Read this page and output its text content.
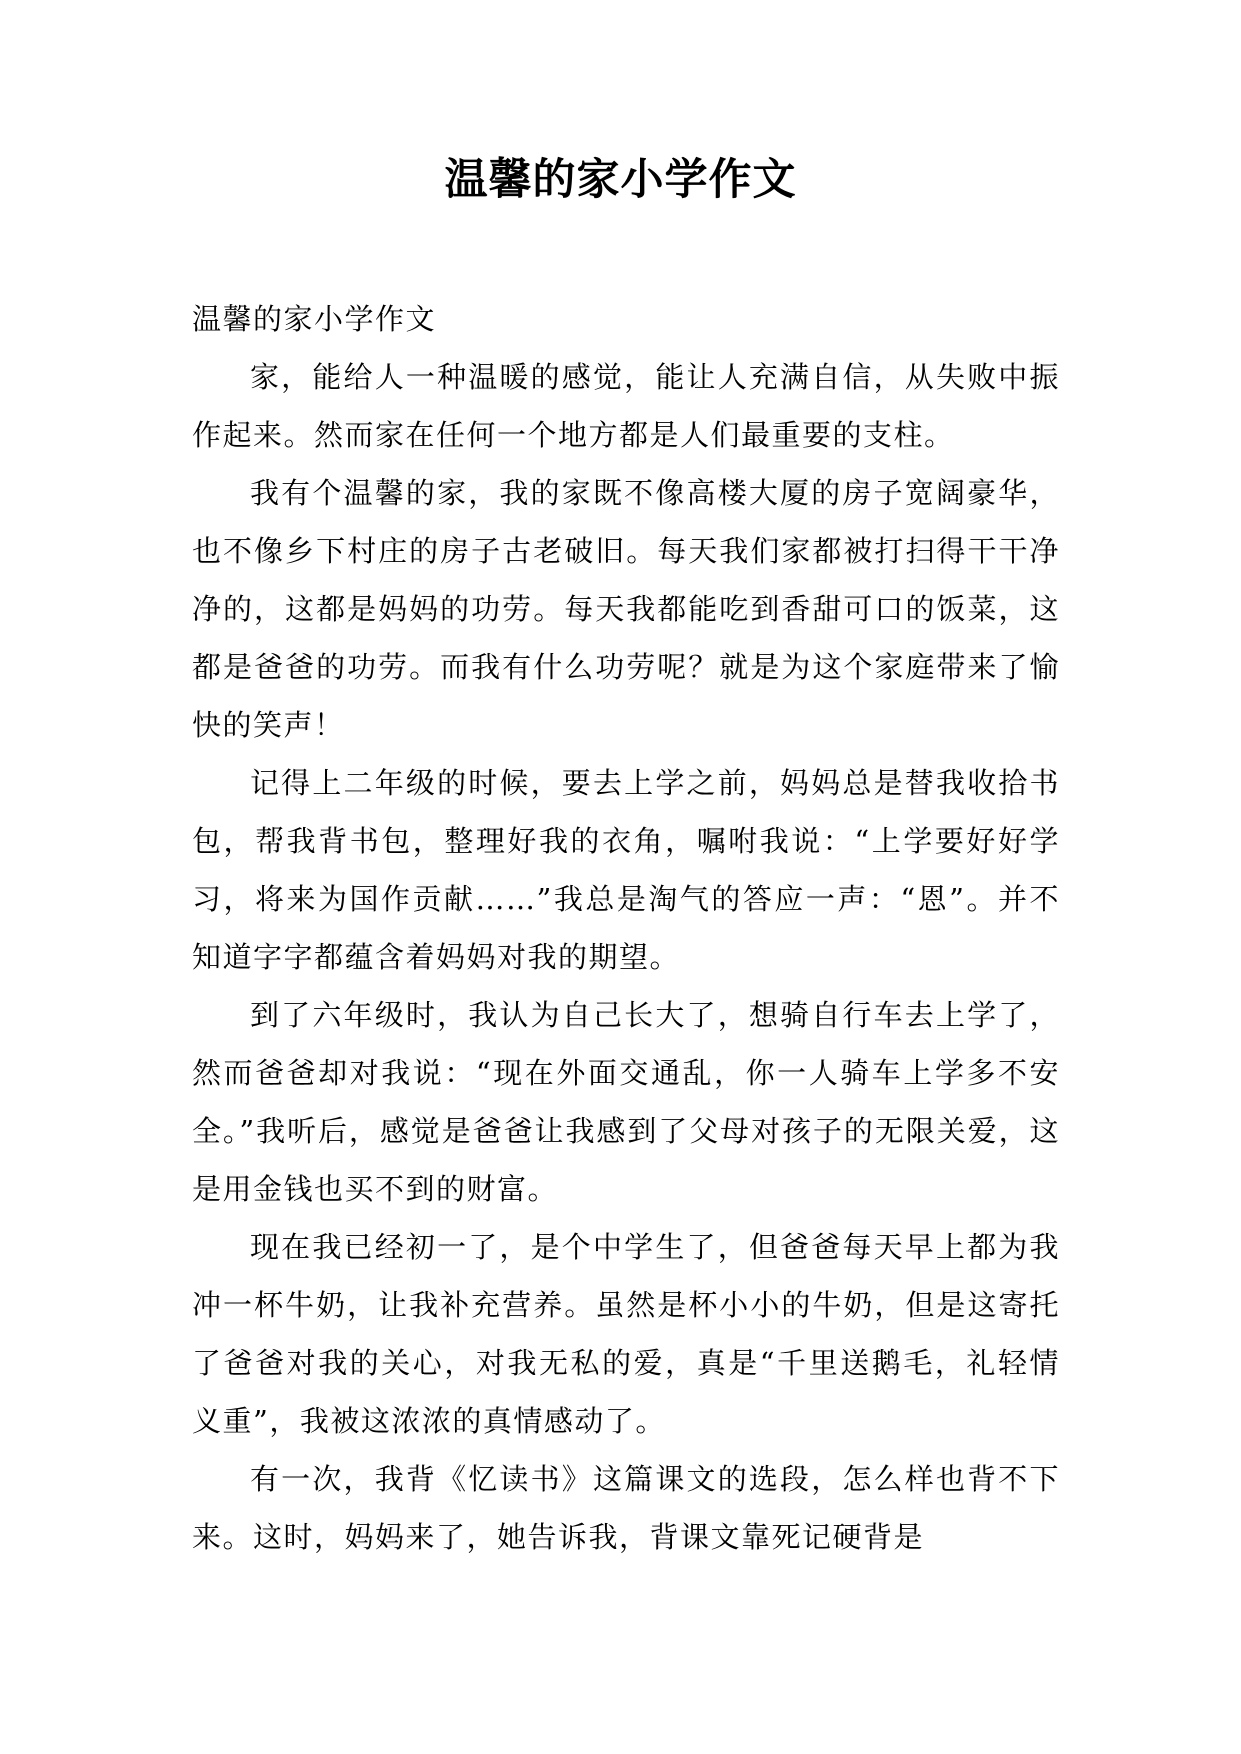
温馨的家小学作文

温馨的家小学作文

家，能给人一种温暖的感觉，能让人充满自信，从失败中振作起来。然而家在任何一个地方都是人们最重要的支柱。

我有个温馨的家，我的家既不像高楼大厦的房子宽阔豪华，也不像乡下村庄的房子古老破旧。每天我们家都被打扫得干干净净的，这都是妈妈的功劳。每天我都能吃到香甜可口的饭菜，这都是爸爸的功劳。而我有什么功劳呢？就是为这个家庭带来了愉快的笑声！

记得上二年级的时候，要去上学之前，妈妈总是替我收拾书包，帮我背书包，整理好我的衣角，嘱咐我说：“上学要好好学习，将来为国作贡献……”我总是淘气的答应一声：“恩”。并不知道字字都蕴含着妈妈对我的期望。

到了六年级时，我认为自己长大了，想骑自行车去上学了，然而爸爸却对我说：“现在外面交通乱，你一人骑车上学多不安全。”我听后，感觉是爸爸让我感到了父母对孩子的无限关爱，这是用金钱也买不到的财富。

现在我已经初一了，是个中学生了，但爸爸每天早上都为我冲一杯牛奶，让我补充营养。虽然是杯小小的牛奶，但是这寄托了爸爸对我的关心，对我无私的爱，真是“千里送鹅毛，礼轻情义重”，我被这浓浓的真情感动了。

有一次，我背《忆读书》这篇课文的选段，怎么样也背不下来。这时，妈妈来了，她告诉我，背课文靠死记硬背是
